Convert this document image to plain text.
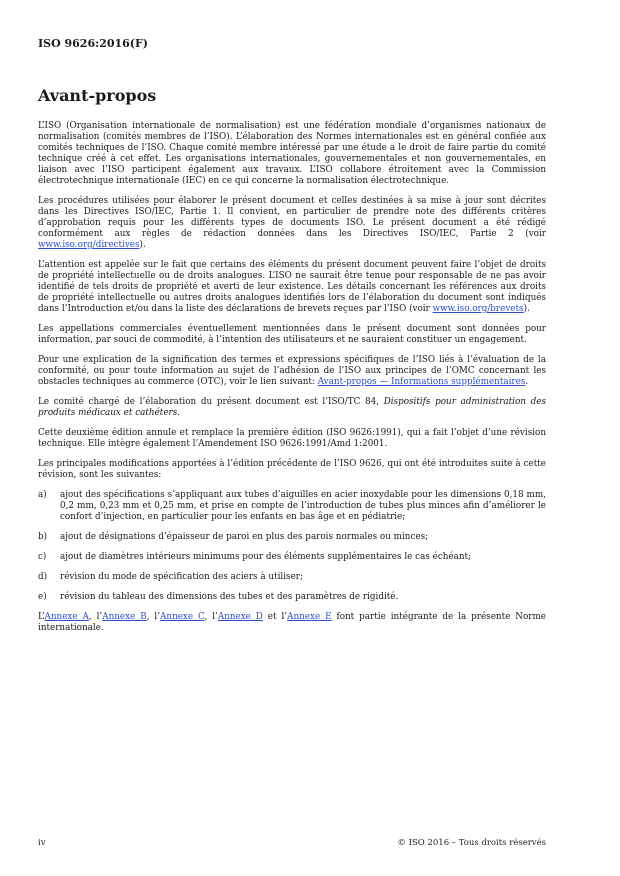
ISO 9626:2016(F)
Avant-propos

L’ISO (Organisation internationale de normalisation) est une fédération mondiale d’organismes nationaux de normalisation (comités membres de l’ISO). L’élaboration des Normes internationales est en général confiée aux comités techniques de l’ISO. Chaque comité membre intéressé par une étude a le droit de faire partie du comité technique créé à cet effet. Les organisations internationales, gouvernementales et non gouvernementales, en liaison avec l’ISO participent également aux travaux. L’ISO collabore étroitement avec la Commission électrotechnique internationale (IEC) en ce qui concerne la normalisation électrotechnique.

Les procédures utilisées pour élaborer le présent document et celles destinées à sa mise à jour sont décrites dans les Directives ISO/IEC, Partie 1. Il convient, en particulier de prendre note des différents critères d’approbation requis pour les différents types de documents ISO. Le présent document a été rédigé conformément aux règles de rédaction données dans les Directives ISO/IEC, Partie 2 (voir www.iso.org/directives).

L’attention est appelée sur le fait que certains des éléments du présent document peuvent faire l’objet de droits de propriété intellectuelle ou de droits analogues. L’ISO ne saurait être tenue pour responsable de ne pas avoir identifié de tels droits de propriété et averti de leur existence. Les détails concernant les références aux droits de propriété intellectuelle ou autres droits analogues identifiés lors de l’élaboration du document sont indiqués dans l’Introduction et/ou dans la liste des déclarations de brevets reçues par l’ISO (voir www.iso.org/brevets).

Les appellations commerciales éventuellement mentionnées dans le présent document sont données pour information, par souci de commodité, à l’intention des utilisateurs et ne sauraient constituer un engagement.

Pour une explication de la signification des termes et expressions spécifiques de l’ISO liés à l’évaluation de la conformité, ou pour toute information au sujet de l’adhésion de l’ISO aux principes de l’OMC concernant les obstacles techniques au commerce (OTC), voir le lien suivant: Avant-propos — Informations supplémentaires.

Le comité chargé de l’élaboration du présent document est l’ISO/TC 84, Dispositifs pour administration des produits médicaux et cathéters.

Cette deuxième édition annule et remplace la première édition (ISO 9626:1991), qui a fait l’objet d’une révision technique. Elle intègre également l’Amendement ISO 9626:1991/Amd 1:2001.

Les principales modifications apportées à l’édition précédente de l’ISO 9626, qui ont été introduites suite à cette révision, sont les suivantes:

a)	ajout des spécifications s’appliquant aux tubes d’aiguilles en acier inoxydable pour les dimensions 0,18 mm, 0,2 mm, 0,23 mm et 0,25 mm, et prise en compte de l’introduction de tubes plus minces afin d’améliorer le confort d’injection, en particulier pour les enfants en bas âge et en pédiatrie;
b)	ajout de désignations d’épaisseur de paroi en plus des parois normales ou minces;
c)	ajout de diamètres intérieurs minimums pour des éléments supplémentaires le cas échéant;
d)	révision du mode de spécification des aciers à utiliser;
e)	révision du tableau des dimensions des tubes et des paramètres de rigidité.

L’Annexe A, l’Annexe B, l’Annexe C, l’Annexe D et l’Annexe E font partie intégrante de la présente Norme internationale.

iv	© ISO 2016 – Tous droits réservés
